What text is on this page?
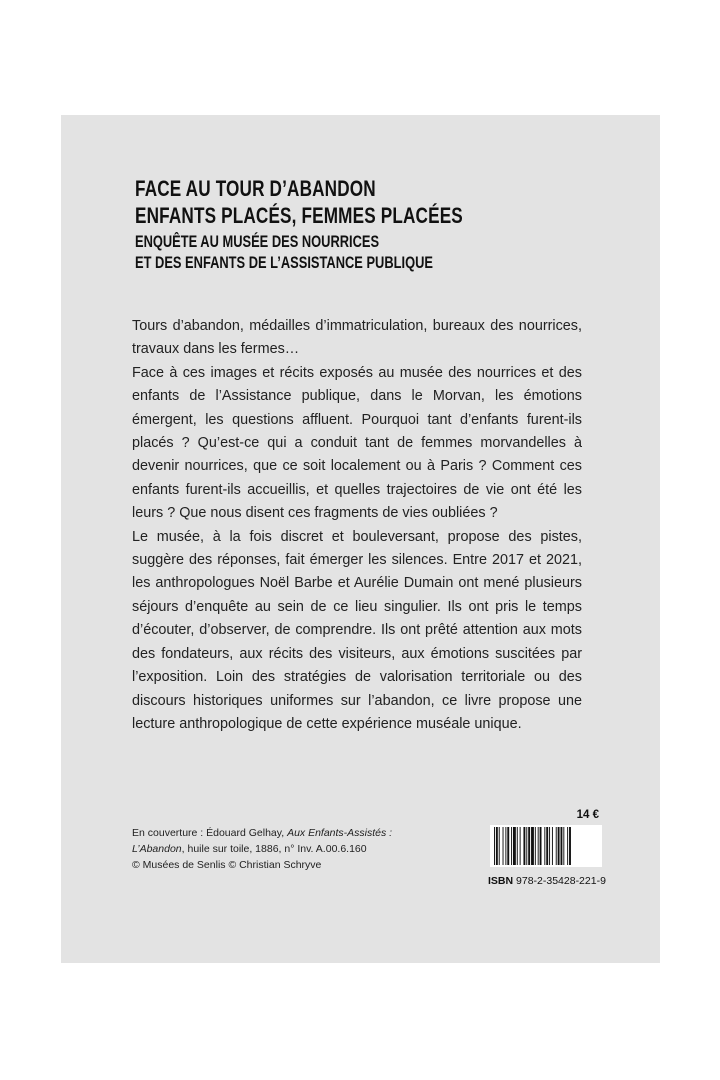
FACE AU TOUR D’ABANDON
ENFANTS PLACÉS, FEMMES PLACÉES
ENQUÊTE AU MUSÉE DES NOURRICES
ET DES ENFANTS DE L’ASSISTANCE PUBLIQUE

Tours d’abandon, médailles d’immatriculation, bureaux des nourrices, travaux dans les fermes…

Face à ces images et récits exposés au musée des nourrices et des enfants de l’Assistance publique, dans le Morvan, les émotions émergent, les questions affluent. Pourquoi tant d’enfants furent-ils placés ? Qu’est-ce qui a conduit tant de femmes morvandelles à devenir nourrices, que ce soit localement ou à Paris ? Comment ces enfants furent-ils accueillis, et quelles trajectoires de vie ont été les leurs ? Que nous disent ces fragments de vies oubliées ?

Le musée, à la fois discret et bouleversant, propose des pistes, suggère des réponses, fait émerger les silences. Entre 2017 et 2021, les anthropologues Noël Barbe et Aurélie Dumain ont mené plusieurs séjours d’enquête au sein de ce lieu singulier. Ils ont pris le temps d’écouter, d’observer, de comprendre. Ils ont prêté attention aux mots des fondateurs, aux récits des visiteurs, aux émotions suscitées par l’exposition. Loin des stratégies de valorisation territoriale ou des discours historiques uniformes sur l’abandon, ce livre propose une lecture anthropologique de cette expérience muséale unique.

En couverture : Édouard Gelhay, Aux Enfants-Assistés :
L’Abandon, huile sur toile, 1886, n° Inv. A.00.6.160
© Musées de Senlis © Christian Schryve
14 €
ISBN 978-2-35428-221-9
